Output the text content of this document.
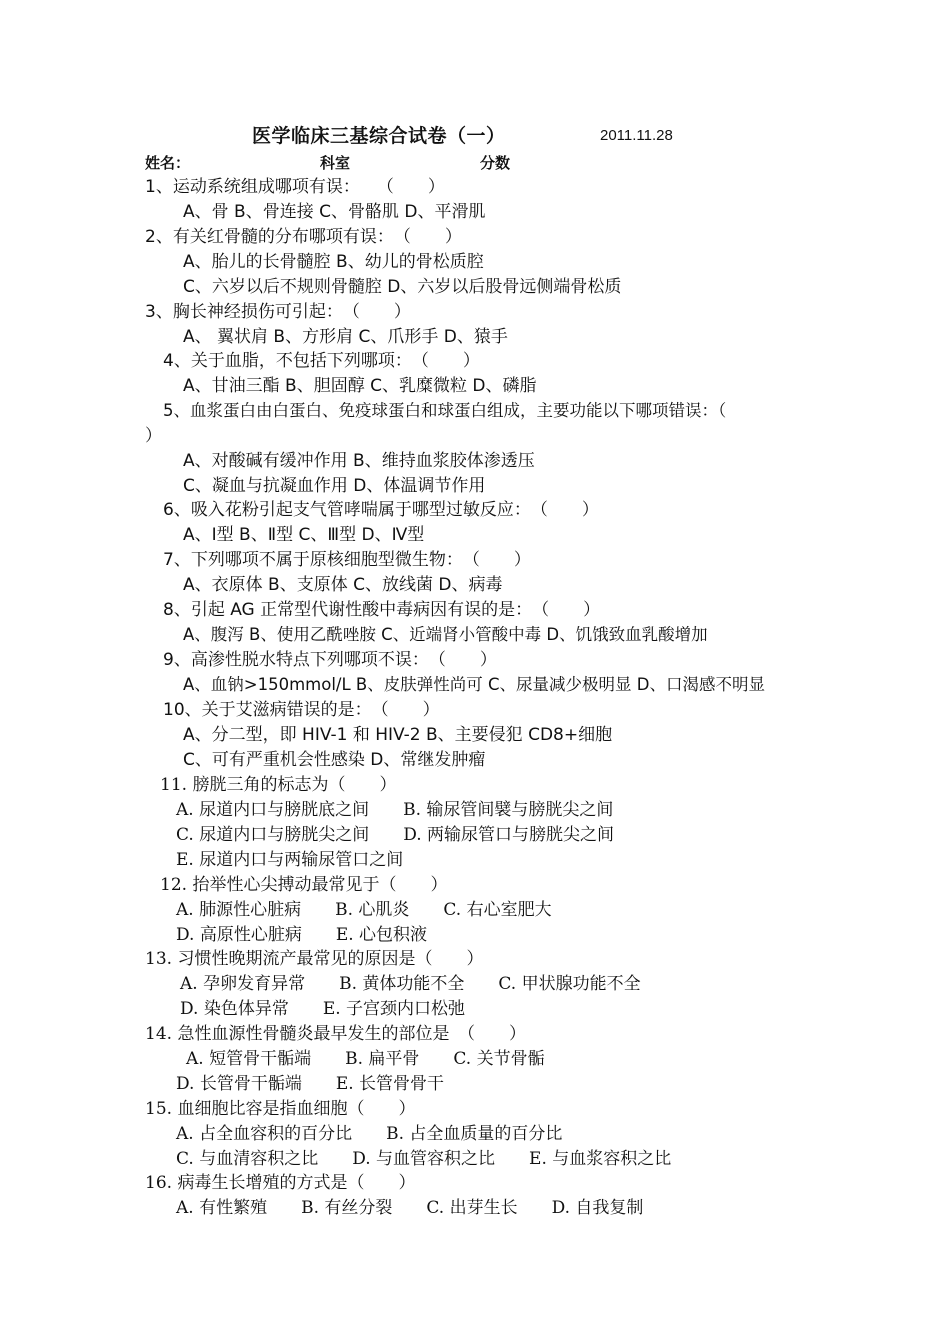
医学临床三基综合试卷（一）	2011.11.28
姓名：	科室	分数
1、运动系统组成哪项有误：　　（　　）
A、骨 B、骨连接 C、骨骼肌 D、平滑肌
2、有关红骨髓的分布哪项有误：　（　　）
A、胎儿的长骨髓腔 B、幼儿的骨松质腔
C、六岁以后不规则骨髓腔 D、六岁以后股骨远侧端骨松质
3、胸长神经损伤可引起：　（　　）
A、 翼状肩 B、方形肩 C、爪形手 D、猿手
4、关于血脂，不包括下列哪项：　（　　）
A、甘油三酯 B、胆固醇 C、乳糜微粒 D、磷脂
5、血浆蛋白由白蛋白、免疫球蛋白和球蛋白组成，主要功能以下哪项错误：（
）
A、对酸碱有缓冲作用 B、维持血浆胶体渗透压
C、凝血与抗凝血作用 D、体温调节作用
6、吸入花粉引起支气管哮喘属于哪型过敏反应：　（　　）
A、Ⅰ型 B、Ⅱ型 C、Ⅲ型 D、Ⅳ型
7、下列哪项不属于原核细胞型微生物：　（　　）
A、衣原体 B、支原体 C、放线菌 D、病毒
8、引起 AG 正常型代谢性酸中毒病因有误的是：　（　　）
A、腹泻 B、使用乙酰唑胺 C、近端肾小管酸中毒 D、饥饿致血乳酸增加
9、高渗性脱水特点下列哪项不误：　（　　）
A、血钠>150mmol/L B、皮肤弹性尚可 C、尿量减少极明显 D、口渴感不明显
10、关于艾滋病错误的是：　（　　）
A、分二型，即 HIV-1 和 HIV-2 B、主要侵犯 CD8+细胞
C、可有严重机会性感染 D、常继发肿瘤
11. 膀胱三角的标志为（　　）
A. 尿道内口与膀胱底之间　　B. 输尿管间襞与膀胱尖之间
C. 尿道内口与膀胱尖之间　　D. 两输尿管口与膀胱尖之间
E. 尿道内口与两输尿管口之间
12. 抬举性心尖搏动最常见于（　　）
A. 肺源性心脏病　　B. 心肌炎　　C. 右心室肥大
D. 高原性心脏病　　E. 心包积液
13. 习惯性晚期流产最常见的原因是（　　）
A. 孕卵发育异常　　B. 黄体功能不全　　C. 甲状腺功能不全
D. 染色体异常　　E. 子宫颈内口松弛
14. 急性血源性骨髓炎最早发生的部位是　（　　）
A. 短管骨干骺端　　B. 扁平骨　　C. 关节骨骺
D. 长管骨干骺端　　E. 长管骨骨干
15. 血细胞比容是指血细胞（　　）
A. 占全血容积的百分比　　B. 占全血质量的百分比
C. 与血清容积之比　　D. 与血管容积之比　　E. 与血浆容积之比
16. 病毒生长增殖的方式是（　　）
A. 有性繁殖　　B. 有丝分裂　　C. 出芽生长　　D. 自我复制
